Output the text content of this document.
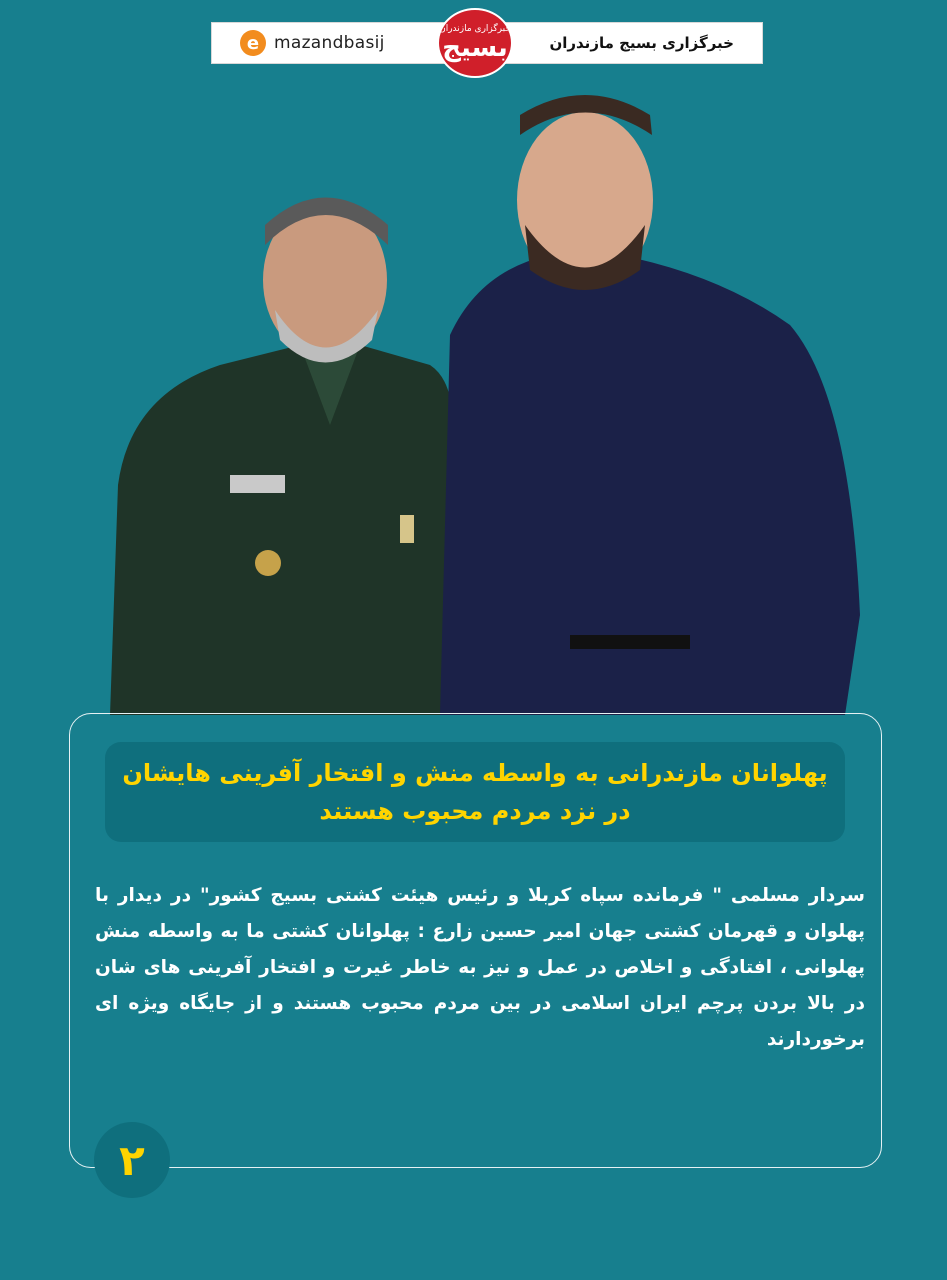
e mazandbasij	خبرگزاری بسیج مازندران
خبرگزاری مازندران
بسیج
پهلوانان مازندرانی به واسطه منش و افتخار آفرینی هایشان
در نزد مردم محبوب هستند
سردار مسلمی " فرمانده سپاه کربلا و رئیس هیئت کشتی بسیج کشور" در دیدار با پهلوان و قهرمان کشتی جهان امیر حسین زارع : پهلوانان کشتی ما به واسطه منش پهلوانی ، افتادگی و اخلاص در عمل و نیز به خاطر غیرت و افتخار آفرینی های شان در بالا بردن پرچم ایران اسلامی در بین مردم محبوب هستند و از جایگاه ویژه ای برخوردارند
۲
